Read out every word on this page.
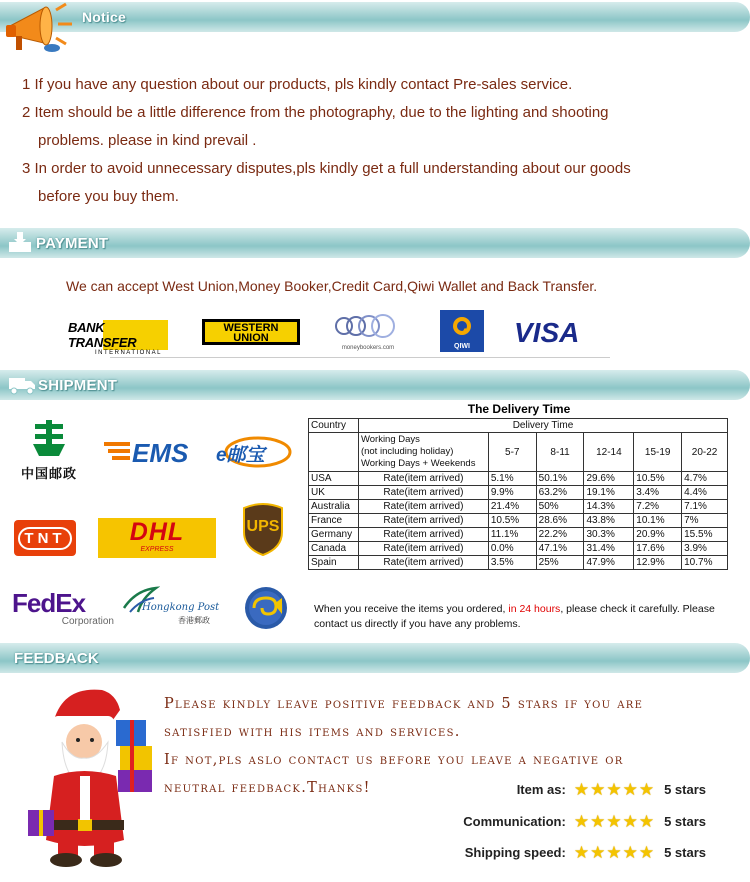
Notice

1 If you have any question about our products, pls kindly contact Pre-sales service.

2 Item should be a little difference from the photography, due to the lighting and shooting

problems. please in kind prevail .

3 In order to avoid unnecessary disputes,pls kindly get a full understanding about our goods

before you buy them.

PAYMENT

We can accept West Union,Money Booker,Credit Card,Qiwi Wallet and Back Transfer.

BANK TRANSFER
INTERNATIONAL
WESTERN
UNION
moneybookers.com	QIWI	VISA
SHIPMENT
中国邮政
EMS e邮宝
TNT	DHL
EXPRESS
UPS
FedEx
Corporation
Hongkong Post
香港郵政
The Delivery Time
Country	Delivery Time					

	Working Days
(not including holiday)
Working Days + Weekends	5-7	8-11	12-14	15-19	20-22
USA	Rate(item arrived)	5.1%	50.1%	29.6%	10.5%	4.7%
UK	Rate(item arrived)	9.9%	63.2%	19.1%	3.4%	4.4%
Australia	Rate(item arrived)	21.4%	50%	14.3%	7.2%	7.1%
France	Rate(item arrived)	10.5%	28.6%	43.8%	10.1%	7%
Germany	Rate(item arrived)	11.1%	22.2%	30.3%	20.9%	15.5%
Canada	Rate(item arrived)	0.0%	47.1%	31.4%	17.6%	3.9%
Spain	Rate(item arrived)	3.5%	25%	47.9%	12.9%	10.7%
When you receive the items you ordered, in 24 hours, please check it carefully. Please contact us directly if you have any problems.
FEEDBACK

Please kindly leave positive feedback and 5 stars if you are

satisfied with his items and services.

If not,pls aslo contact us before you leave a negative or

neutral feedback.Thanks!	Item as: ★ ★ ★ ★ ★ 5 stars
Communication: ★ ★ ★ ★ ★ 5 stars
Shipping speed: ★ ★ ★ ★ ★ 5 stars
